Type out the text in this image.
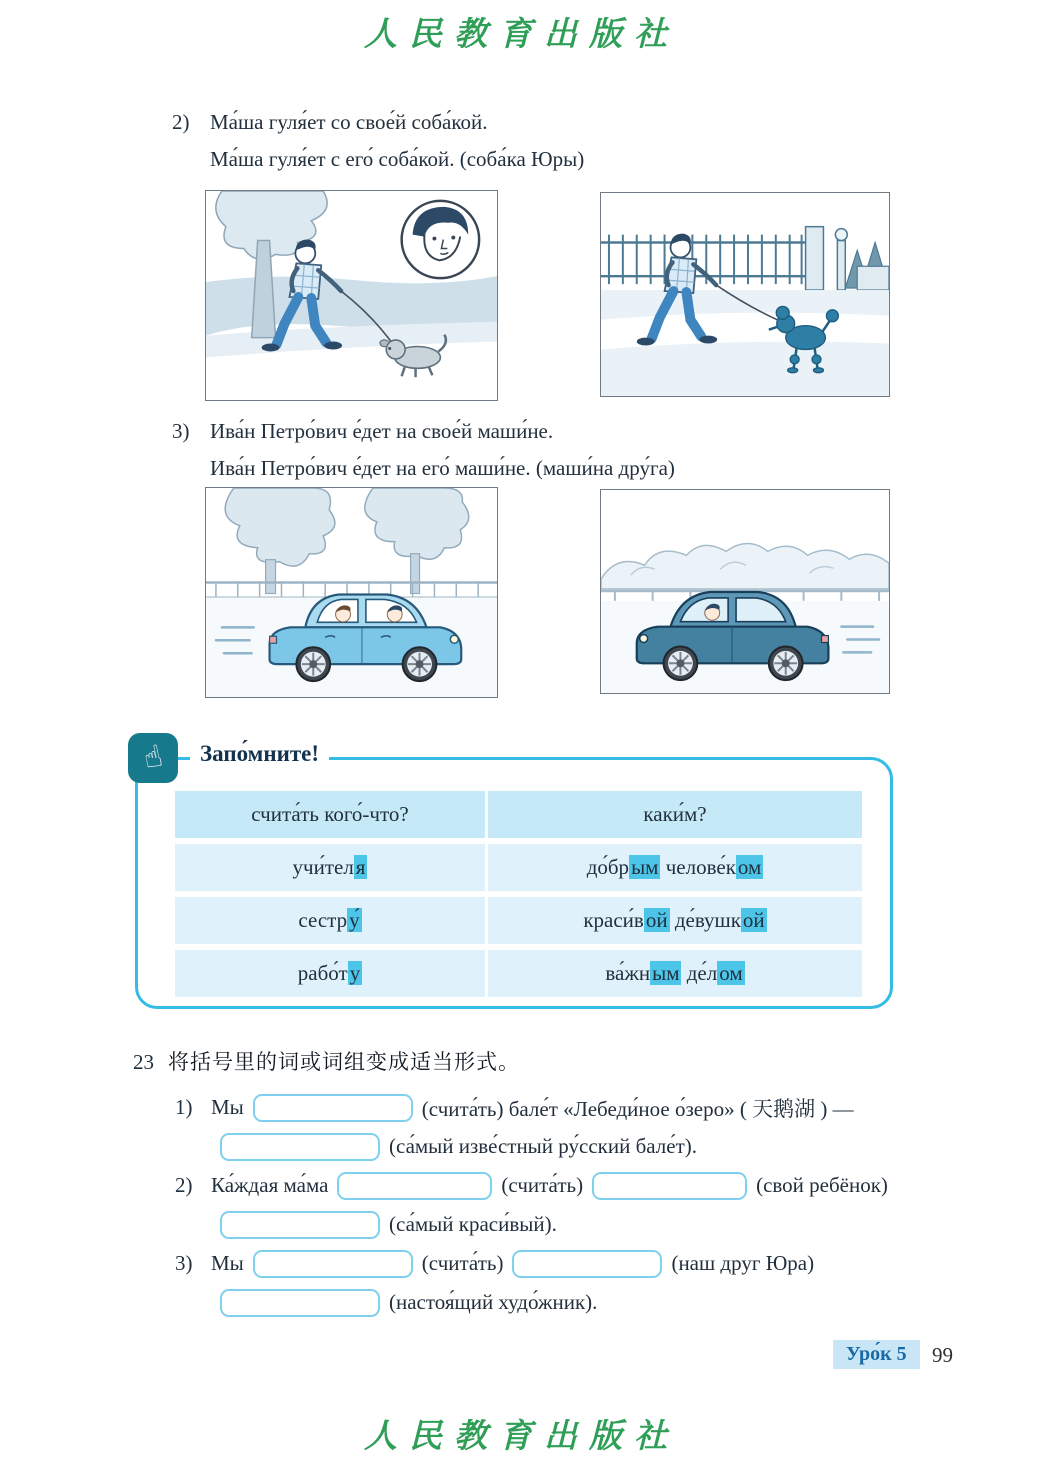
人民教育出版社
2) Ма́ша гуля́ет со свое́й соба́кой.
Ма́ша гуля́ет с его́ соба́кой. (соба́ка Юры)
3) Ива́н Петро́вич е́дет на свое́й маши́не.
Ива́н Петро́вич е́дет на его́ маши́не. (маши́на дру́га)
☝	Запо́мните!
счита́ть кого́-что?	каки́м?
учи́теля	до́брым челове́ком
сестру́	краси́вой де́вушкой
рабо́ту	ва́жным де́лом
23 将括号里的词或词组变成适当形式。
1) Мы	(счита́ть) бале́т «Лебеди́ное о́зеро» ( 天鹅湖 ) —
(са́мый изве́стный ру́сский бале́т).
2) Ка́ждая ма́ма	(счита́ть)	(свой ребёнок)
(са́мый краси́вый).
3) Мы	(счита́ть)	(наш друг Юра)
(настоя́щий худо́жник).
Уро́к 5	99
人民教育出版社
